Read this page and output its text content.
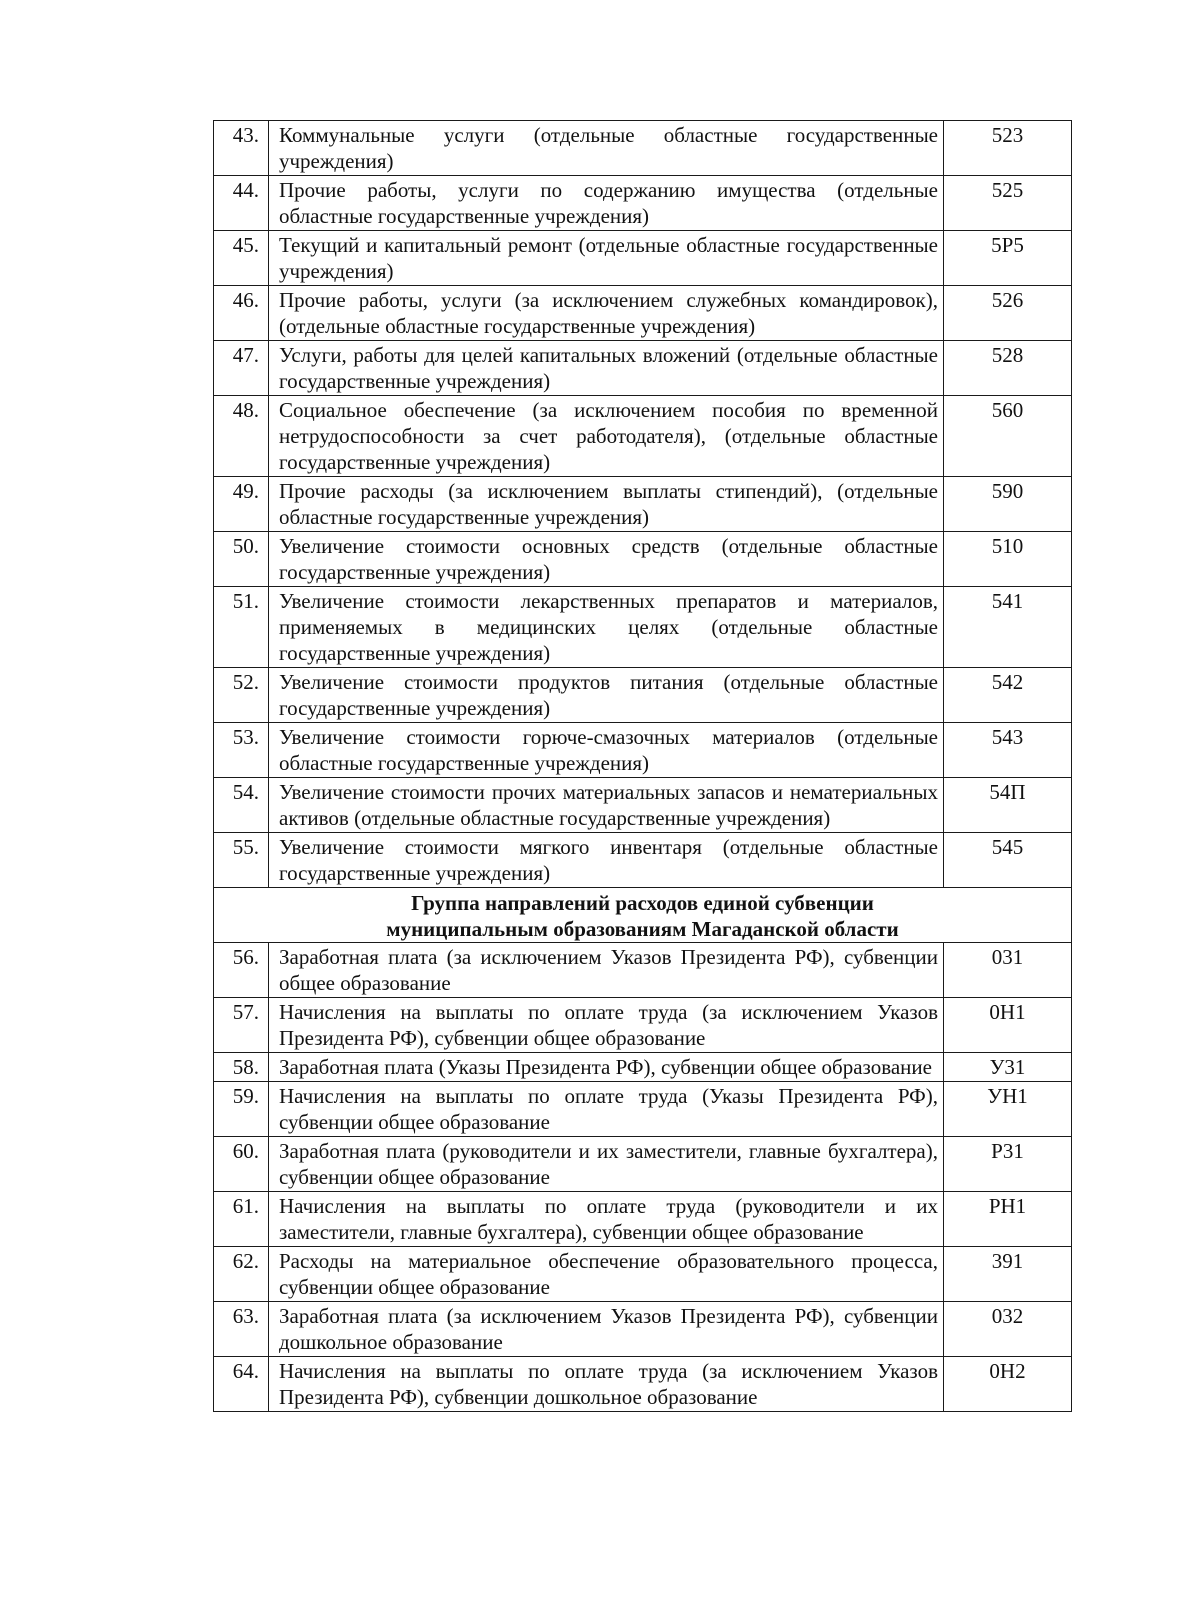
43.	Коммунальные услуги (отдельные областные государственные учреждения)	523
44.	Прочие работы, услуги по содержанию имущества (отдельные областные государственные учреждения)	525
45.	Текущий и капитальный ремонт (отдельные областные государственные учреждения)	5Р5
46.	Прочие работы, услуги (за исключением служебных командировок), (отдельные областные государственные учреждения)	526
47.	Услуги, работы для целей капитальных вложений (отдельные областные государственные учреждения)	528
48.	Социальное обеспечение (за исключением пособия по временной нетрудоспособности за счет работодателя), (отдельные областные государственные учреждения)	560
49.	Прочие расходы (за исключением выплаты стипендий), (отдельные областные государственные учреждения)	590
50.	Увеличение стоимости основных средств (отдельные областные государственные учреждения)	510
51.	Увеличение стоимости лекарственных препаратов и материалов, применяемых в медицинских целях (отдельные областные государственные учреждения)	541
52.	Увеличение стоимости продуктов питания (отдельные областные государственные учреждения)	542
53.	Увеличение стоимости горюче-смазочных материалов (отдельные областные государственные учреждения)	543
54.	Увеличение стоимости прочих материальных запасов и нематериальных активов (отдельные областные государственные учреждения)	54П
55.	Увеличение стоимости мягкого инвентаря (отдельные областные государственные учреждения)	545

Группа направлений расходов единой субвенции
муниципальным образованиям Магаданской области		

56.	Заработная плата (за исключением Указов Президента РФ), субвенции общее образование	031
57.	Начисления на выплаты по оплате труда (за исключением Указов Президента РФ), субвенции общее образование	0Н1
58.	Заработная плата (Указы Президента РФ), субвенции общее образование	У31
59.	Начисления на выплаты по оплате труда (Указы Президента РФ), субвенции общее образование	УН1
60.	Заработная плата (руководители и их заместители, главные бухгалтера), субвенции общее образование	Р31
61.	Начисления на выплаты по оплате труда (руководители и их заместители, главные бухгалтера), субвенции общее образование	РН1
62.	Расходы на материальное обеспечение образовательного процесса, субвенции общее образование	391
63.	Заработная плата (за исключением Указов Президента РФ), субвенции дошкольное образование	032
64.	Начисления на выплаты по оплате труда (за исключением Указов Президента РФ), субвенции дошкольное образование	0Н2
